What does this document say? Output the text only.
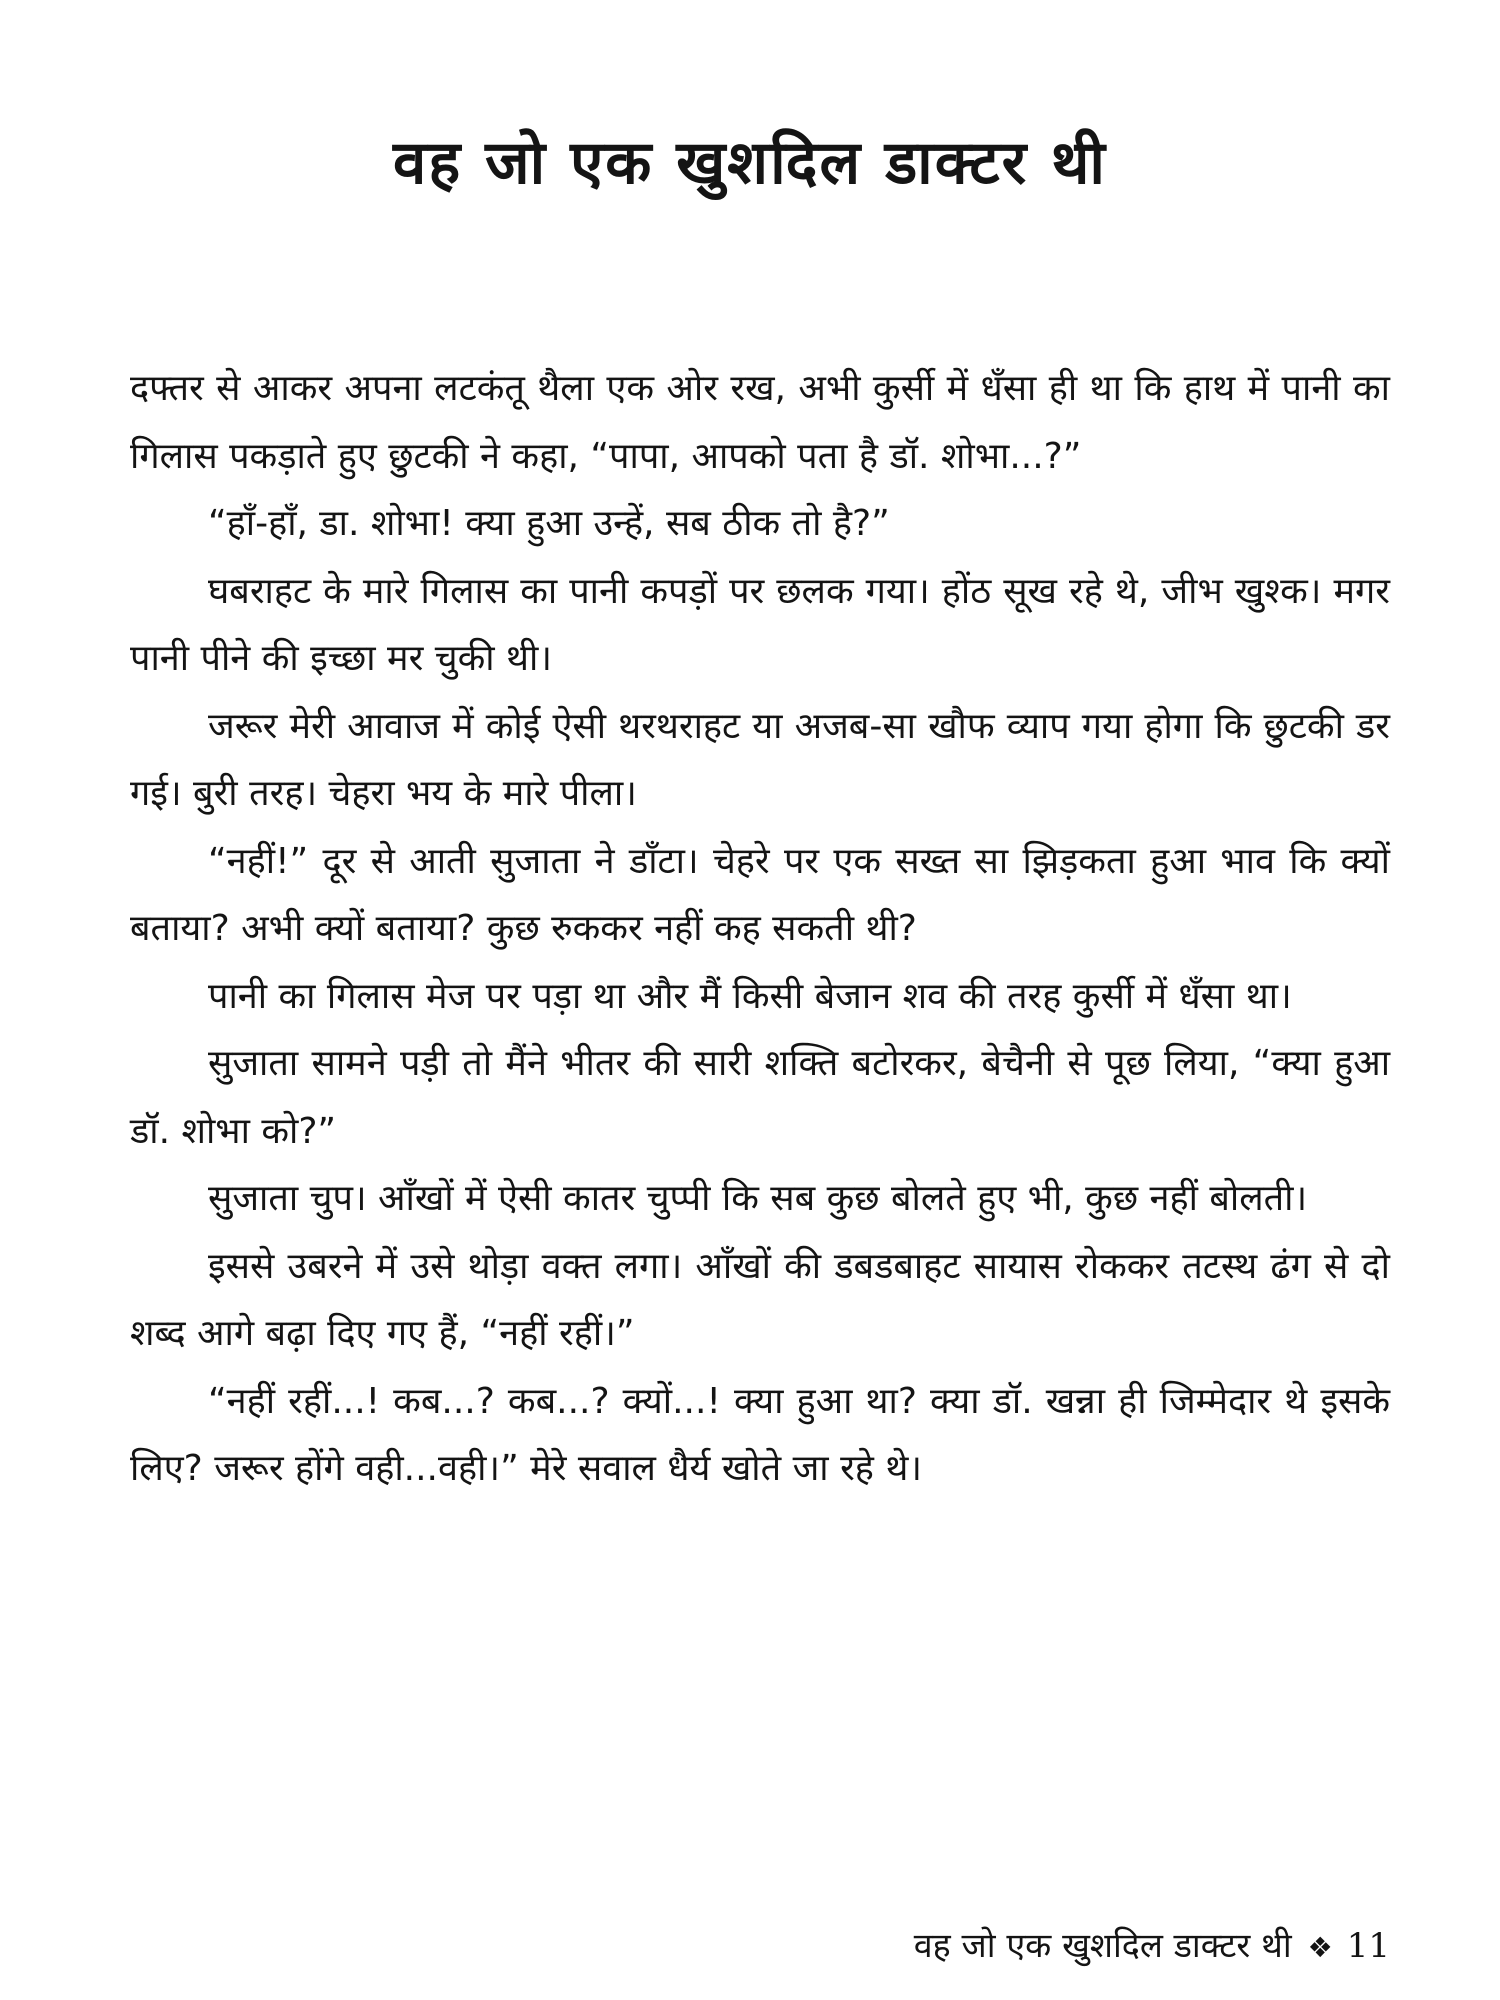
वह जो एक खुशदिल डाक्टर थी

दफ्तर से आकर अपना लटकंतू थैला एक ओर रख, अभी कुर्सी में धँसा ही था कि हाथ में पानी का गिलास पकड़ाते हुए छुटकी ने कहा, “पापा, आपको पता है डॉ. शोभा...?”

“हाँ-हाँ, डा. शोभा! क्या हुआ उन्हें, सब ठीक तो है?”

घबराहट के मारे गिलास का पानी कपड़ों पर छलक गया। होंठ सूख रहे थे, जीभ खुश्क। मगर पानी पीने की इच्छा मर चुकी थी।

जरूर मेरी आवाज में कोई ऐसी थरथराहट या अजब-सा खौफ व्याप गया होगा कि छुटकी डर गई। बुरी तरह। चेहरा भय के मारे पीला।

“नहीं!” दूर से आती सुजाता ने डाँटा। चेहरे पर एक सख्त सा झिड़कता हुआ भाव कि क्यों बताया? अभी क्यों बताया? कुछ रुककर नहीं कह सकती थी?

पानी का गिलास मेज पर पड़ा था और मैं किसी बेजान शव की तरह कुर्सी में धँसा था।

सुजाता सामने पड़ी तो मैंने भीतर की सारी शक्ति बटोरकर, बेचैनी से पूछ लिया, “क्या हुआ डॉ. शोभा को?”

सुजाता चुप। आँखों में ऐसी कातर चुप्पी कि सब कुछ बोलते हुए भी, कुछ नहीं बोलती।

इससे उबरने में उसे थोड़ा वक्त लगा। आँखों की डबडबाहट सायास रोककर तटस्थ ढंग से दो शब्द आगे बढ़ा दिए गए हैं, “नहीं रहीं।”

“नहीं रहीं...! कब...? कब...? क्यों...! क्या हुआ था? क्या डॉ. खन्ना ही जिम्मेदार थे इसके लिए? जरूर होंगे वही...वही।” मेरे सवाल धैर्य खोते जा रहे थे।

वह जो एक खुशदिल डाक्टर थी ❖ 11
